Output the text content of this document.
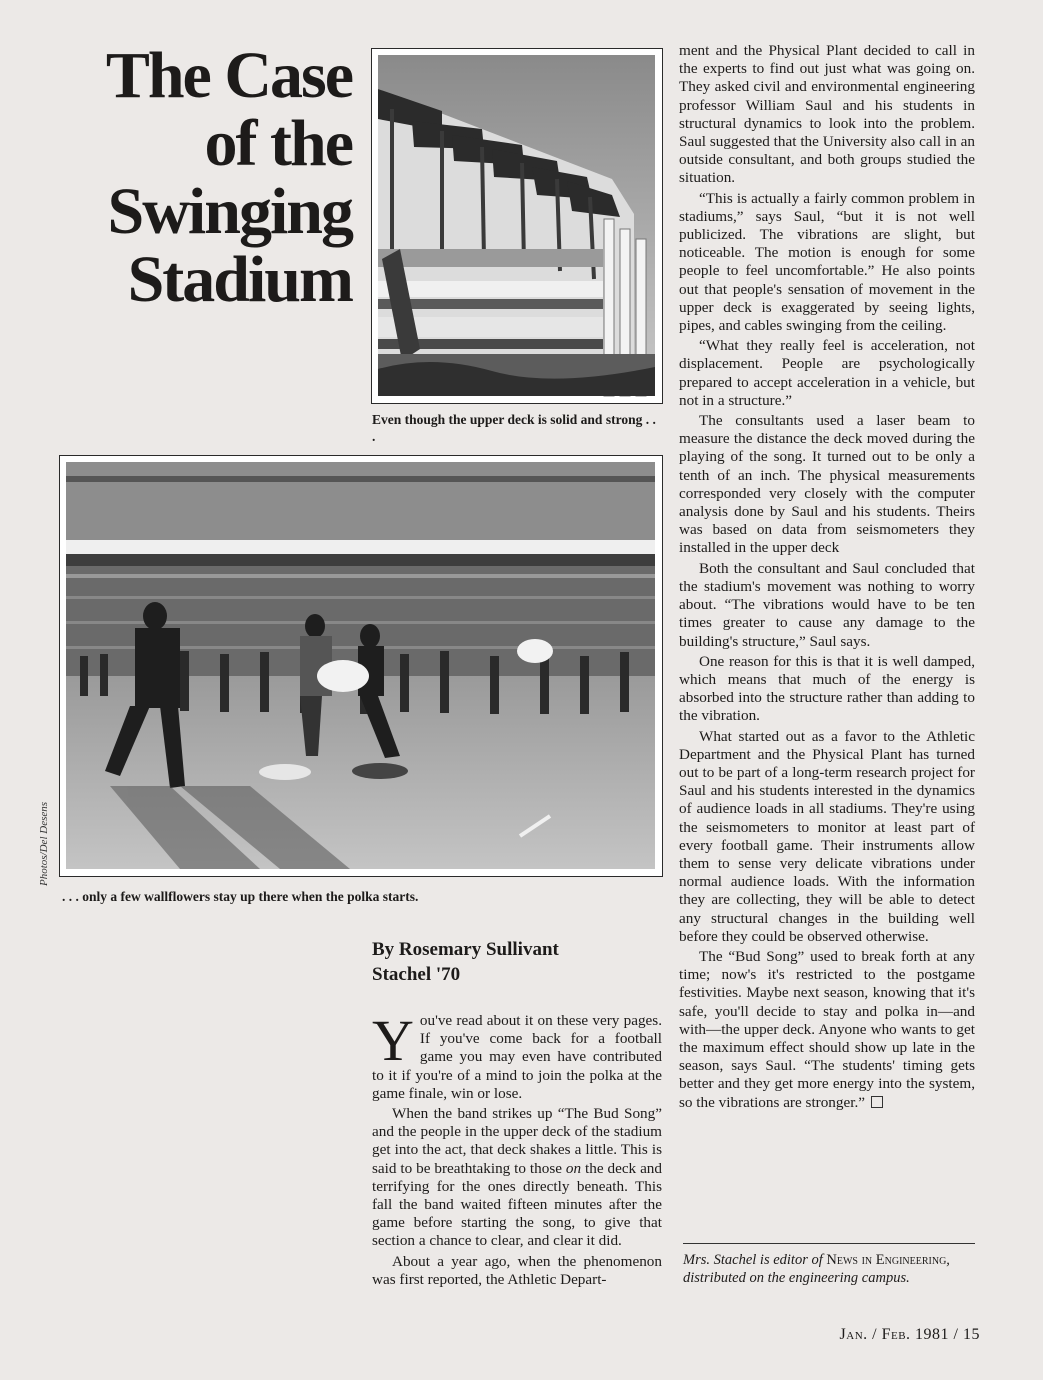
The Case
of the
Swinging
Stadium
Even though the upper deck is solid and strong . . .
Photos/Del Desens
. . . only a few wallflowers stay up there when the polka starts.
By Rosemary Sullivant
Stachel '70

You've read about it on these very pages. If you've come back for a football game you may even have contributed to it if you're of a mind to join the polka at the game finale, win or lose.

When the band strikes up “The Bud Song” and the people in the upper deck of the stadium get into the act, that deck shakes a little. This is said to be breathtaking to those on the deck and terrifying for the ones directly beneath. This fall the band waited fifteen minutes after the game before starting the song, to give that section a chance to clear, and clear it did.

About a year ago, when the phenomenon was first reported, the Athletic Depart-

ment and the Physical Plant decided to call in the experts to find out just what was going on. They asked civil and environmental engineering professor William Saul and his students in structural dynamics to look into the problem. Saul suggested that the University also call in an outside consultant, and both groups studied the situation.

“This is actually a fairly common problem in stadiums,” says Saul, “but it is not well publicized. The vibrations are slight, but noticeable. The motion is enough for some people to feel uncomfortable.” He also points out that people's sensation of movement in the upper deck is exaggerated by seeing lights, pipes, and cables swinging from the ceiling.

“What they really feel is acceleration, not displacement. People are psychologically prepared to accept acceleration in a vehicle, but not in a structure.”

The consultants used a laser beam to measure the distance the deck moved during the playing of the song. It turned out to be only a tenth of an inch. The physical measurements corresponded very closely with the computer analysis done by Saul and his students. Theirs was based on data from seismometers they installed in the upper deck

Both the consultant and Saul concluded that the stadium's movement was nothing to worry about. “The vibrations would have to be ten times greater to cause any damage to the building's structure,” Saul says.

One reason for this is that it is well damped, which means that much of the energy is absorbed into the structure rather than adding to the vibration.

What started out as a favor to the Athletic Department and the Physical Plant has turned out to be part of a long-term research project for Saul and his students interested in the dynamics of audience loads in all stadiums. They're using the seismometers to monitor at least part of every football game. Their instruments allow them to sense very delicate vibrations under normal audience loads. With the information they are collecting, they will be able to detect any structural changes in the building well before they could be observed otherwise.

The “Bud Song” used to break forth at any time; now's it's restricted to the postgame festivities. Maybe next season, knowing that it's safe, you'll decide to stay and polka in—and with—the upper deck. Anyone who wants to get the maximum effect should show up late in the season, says Saul. “The students' timing gets better and they get more energy into the system, so the vibrations are stronger.”

Mrs. Stachel is editor of News in Engineering, distributed on the engineering campus.
Jan. / Feb. 1981 / 15
